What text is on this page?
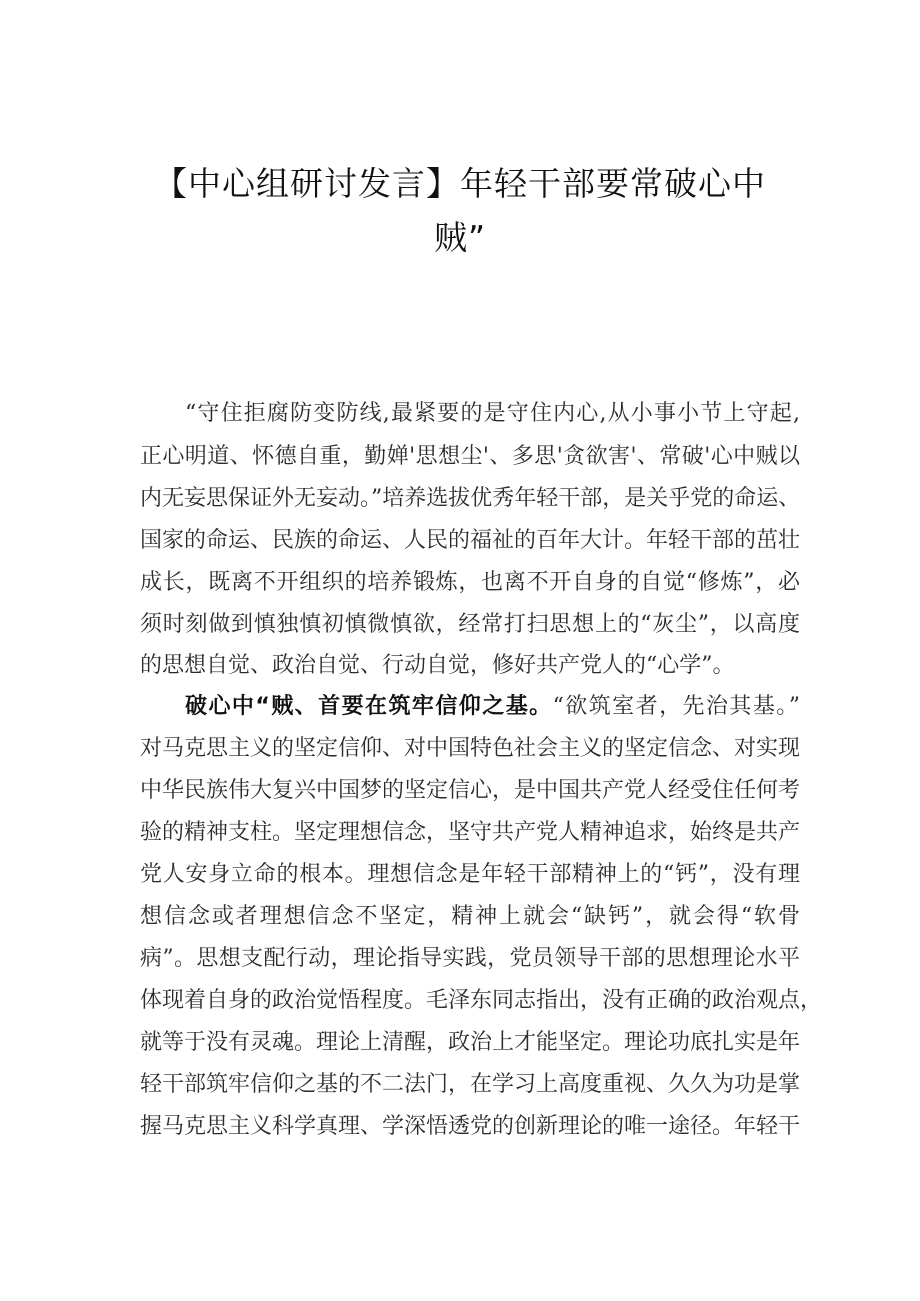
【中心组研讨发言】年轻干部要常破心中
贼”
“守住拒腐防变防线,最紧要的是守住内心,从小事小节上守起,
正心明道、怀德自重，勤婵'思想尘'、多思'贪欲害'、常破'心中贼以
内无妄思保证外无妄动。”培养选拔优秀年轻干部，是关乎党的命运、
国家的命运、民族的命运、人民的福祉的百年大计。年轻干部的茁壮
成长，既离不开组织的培养锻炼，也离不开自身的自觉“修炼”，必
须时刻做到慎独慎初慎微慎欲，经常打扫思想上的“灰尘”，以高度
的思想自觉、政治自觉、行动自觉，修好共产党人的“心学”。
破心中“贼、首要在筑牢信仰之基。“欲筑室者，先治其基。”
对马克思主义的坚定信仰、对中国特色社会主义的坚定信念、对实现
中华民族伟大复兴中国梦的坚定信心，是中国共产党人经受住任何考
验的精神支柱。坚定理想信念，坚守共产党人精神追求，始终是共产
党人安身立命的根本。理想信念是年轻干部精神上的“钙”，没有理
想信念或者理想信念不坚定，精神上就会“缺钙”，就会得“软骨
病”。思想支配行动，理论指导实践，党员领导干部的思想理论水平
体现着自身的政治觉悟程度。毛泽东同志指出，没有正确的政治观点，
就等于没有灵魂。理论上清醒，政治上才能坚定。理论功底扎实是年
轻干部筑牢信仰之基的不二法门，在学习上高度重视、久久为功是掌
握马克思主义科学真理、学深悟透党的创新理论的唯一途径。年轻干
